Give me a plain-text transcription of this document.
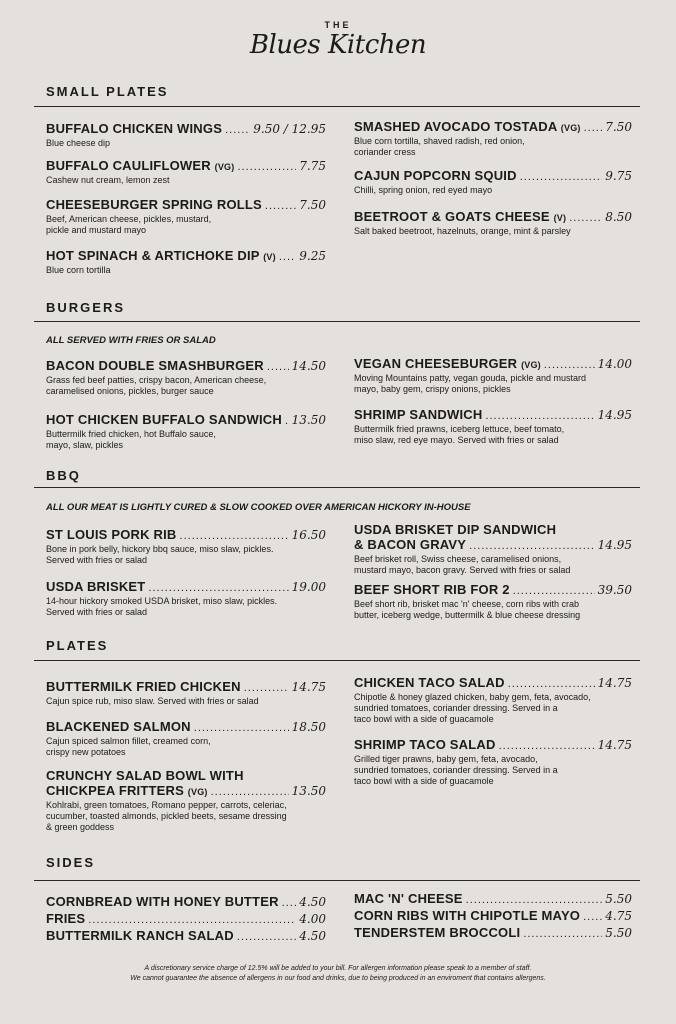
THE
Blues Kitchen
SMALL PLATES
BUFFALO CHICKEN WINGS .....	9.50 / 12.95
Blue cheese dip
BUFFALO CAULIFLOWER (VG) .....	7.75
Cashew nut cream, lemon zest
CHEESEBURGER SPRING ROLLS .....	7.50
Beef, American cheese, pickles, mustard,
pickle and mustard mayo
HOT SPINACH & ARTICHOKE DIP (V) ..... 9.25
Blue corn tortilla
SMASHED AVOCADO TOSTADA (VG) ..... 7.50
Blue corn tortilla, shaved radish, red onion,
coriander cress
CAJUN POPCORN SQUID .....	9.75
Chilli, spring onion, red eyed mayo
BEETROOT & GOATS CHEESE (V) .....	8.50
Salt baked beetroot, hazelnuts, orange, mint & parsley
BURGERS
ALL SERVED WITH FRIES OR SALAD
BACON DOUBLE SMASHBURGER ..... 14.50
Grass fed beef patties, crispy bacon, American cheese,
caramelised onions, pickles, burger sauce
HOT CHICKEN BUFFALO SANDWICH ..... 13.50
Buttermilk fried chicken, hot Buffalo sauce,
mayo, slaw, pickles
VEGAN CHEESEBURGER (VG) .....	14.00
Moving Mountains patty, vegan gouda, pickle and mustard
mayo, baby gem, crispy onions, pickles
SHRIMP SANDWICH .....	14.95
Buttermilk fried prawns, iceberg lettuce, beef tomato,
miso slaw, red eye mayo. Served with fries or salad
BBQ
ALL OUR MEAT IS LIGHTLY CURED & SLOW COOKED OVER AMERICAN HICKORY IN-HOUSE
ST LOUIS PORK RIB .....	16.50
Bone in pork belly, hickory bbq sauce, miso slaw, pickles.
Served with fries or salad
USDA BRISKET .....	19.00
14-hour hickory smoked USDA brisket, miso slaw, pickles.
Served with fries or salad
USDA BRISKET DIP SANDWICH
& BACON GRAVY .....	14.95
Beef brisket roll, Swiss cheese, caramelised onions,
mustard mayo, bacon gravy. Served with fries or salad
BEEF SHORT RIB FOR 2 .....	39.50
Beef short rib, brisket mac 'n' cheese, corn ribs with crab
butter, iceberg wedge, buttermilk & blue cheese dressing
PLATES
BUTTERMILK FRIED CHICKEN .....	14.75
Cajun spice rub, miso slaw. Served with fries or salad
BLACKENED SALMON .....	18.50
Cajun spiced salmon fillet, creamed corn,
crispy new potatoes
CRUNCHY SALAD BOWL WITH
CHICKPEA FRITTERS (VG) .....	13.50
Kohlrabi, green tomatoes, Romano pepper, carrots, celeriac,
cucumber, toasted almonds, pickled beets, sesame dressing
& green goddess
CHICKEN TACO SALAD .....	14.75
Chipotle & honey glazed chicken, baby gem, feta, avocado,
sundried tomatoes, coriander dressing. Served in a
taco bowl with a side of guacamole
SHRIMP TACO SALAD .....	14.75
Grilled tiger prawns, baby gem, feta, avocado,
sundried tomatoes, coriander dressing. Served in a
taco bowl with a side of guacamole
SIDES
CORNBREAD WITH HONEY BUTTER ..... 4.50
FRIES .....	4.00
BUTTERMILK RANCH SALAD .....	4.50
MAC 'N' CHEESE .....	5.50
CORN RIBS WITH CHIPOTLE MAYO ..... 4.75
TENDERSTEM BROCCOLI .....	5.50
A discretionary service charge of 12.5% will be added to your bill. For allergen information please speak to a member of staff.
We cannot guarantee the absence of allergens in our food and drinks, due to being produced in an enviroment that contains allergens.
